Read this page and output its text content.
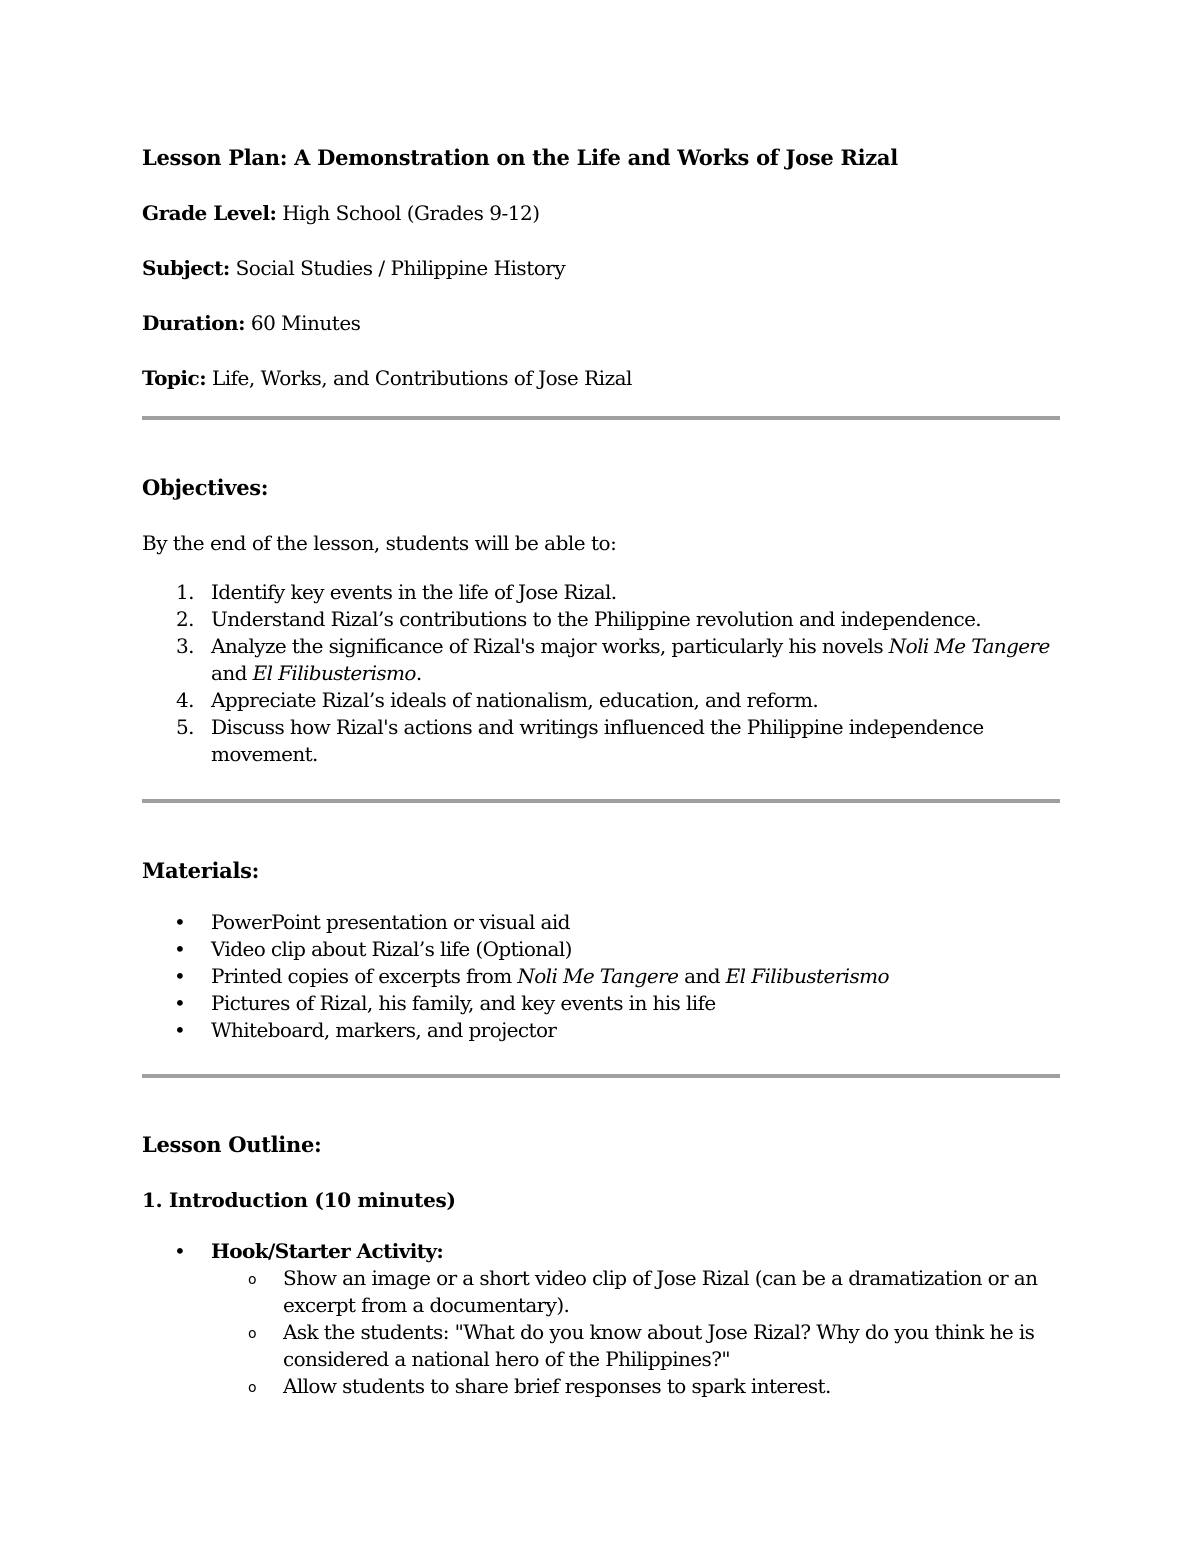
Lesson Plan: A Demonstration on the Life and Works of Jose Rizal

Grade Level: High School (Grades 9-12)

Subject: Social Studies / Philippine History

Duration: 60 Minutes

Topic: Life, Works, and Contributions of Jose Rizal

Objectives:

By the end of the lesson, students will be able to:

1. Identify key events in the life of Jose Rizal.
2. Understand Rizal’s contributions to the Philippine revolution and independence.
3. Analyze the significance of Rizal's major works, particularly his novels Noli Me Tangere and El Filibusterismo.
4. Appreciate Rizal’s ideals of nationalism, education, and reform.
5. Discuss how Rizal's actions and writings influenced the Philippine independence movement.
Materials:
• PowerPoint presentation or visual aid
• Video clip about Rizal’s life (Optional)
• Printed copies of excerpts from Noli Me Tangere and El Filibusterismo
• Pictures of Rizal, his family, and key events in his life
• Whiteboard, markers, and projector
Lesson Outline:
1. Introduction (10 minutes)
• Hook/Starter Activity:
o Show an image or a short video clip of Jose Rizal (can be a dramatization or an excerpt from a documentary).
o Ask the students: "What do you know about Jose Rizal? Why do you think he is considered a national hero of the Philippines?"
o Allow students to share brief responses to spark interest.
